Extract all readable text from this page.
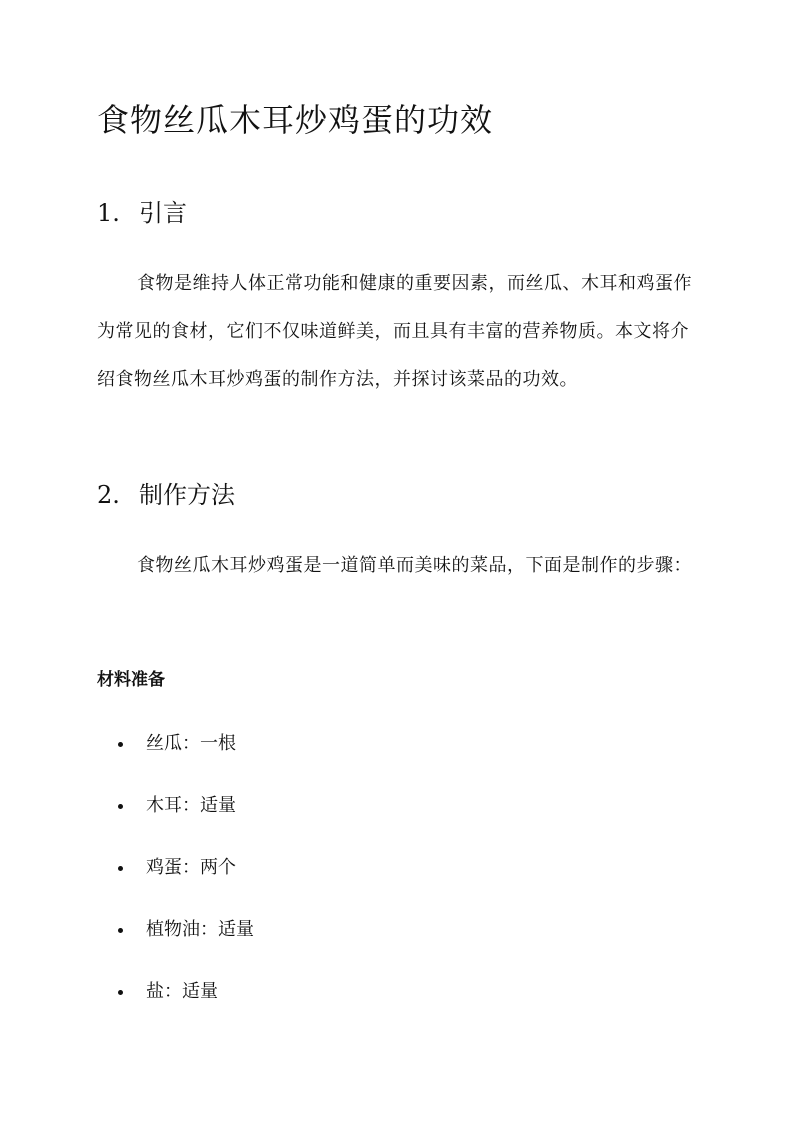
食物丝瓜木耳炒鸡蛋的功效
1. 引言

食物是维持人体正常功能和健康的重要因素，而丝瓜、木耳和鸡蛋作为常见的食材，它们不仅味道鲜美，而且具有丰富的营养物质。本文将介绍食物丝瓜木耳炒鸡蛋的制作方法，并探讨该菜品的功效。

2. 制作方法

食物丝瓜木耳炒鸡蛋是一道简单而美味的菜品，下面是制作的步骤：

材料准备
丝瓜：一根
木耳：适量
鸡蛋：两个
植物油：适量
盐：适量
